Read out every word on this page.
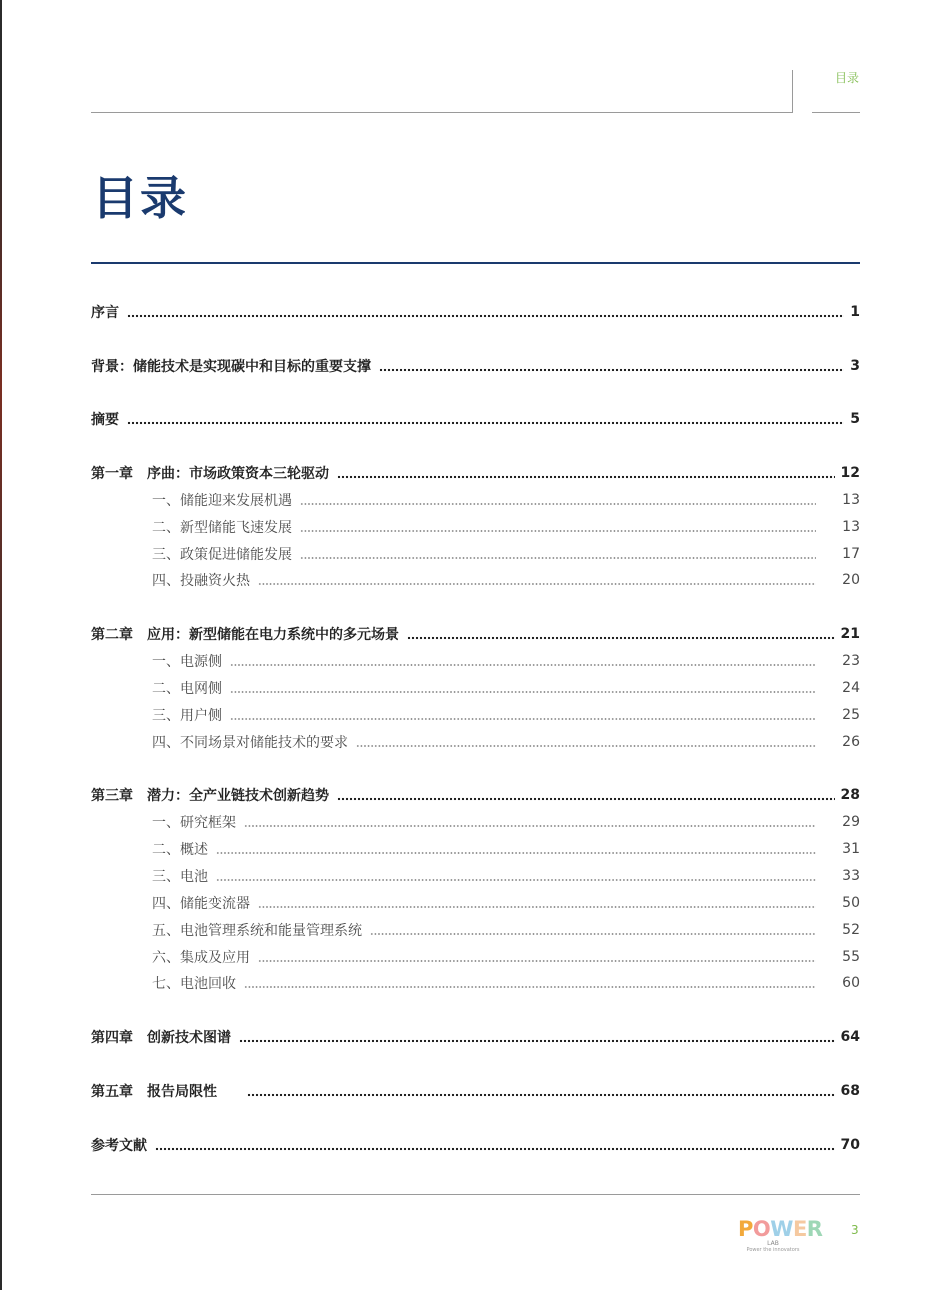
目录
目录
序言	1
背景：储能技术是实现碳中和目标的重要支撑	3
摘要	5
第一章 序曲：市场政策资本三轮驱动	12
一、储能迎来发展机遇	13
二、新型储能飞速发展	13
三、政策促进储能发展	17
四、投融资火热	20
第二章 应用：新型储能在电力系统中的多元场景	21
一、电源侧	23
二、电网侧	24
三、用户侧	25
四、不同场景对储能技术的要求	26
第三章 潜力：全产业链技术创新趋势	28
一、研究框架	29
二、概述	31
三、电池	33
四、储能变流器	50
五、电池管理系统和能量管理系统	52
六、集成及应用	55
七、电池回收	60
第四章 创新技术图谱	64
第五章 报告局限性	68
参考文献	70
POWER
LAB
Power the innovators
3
